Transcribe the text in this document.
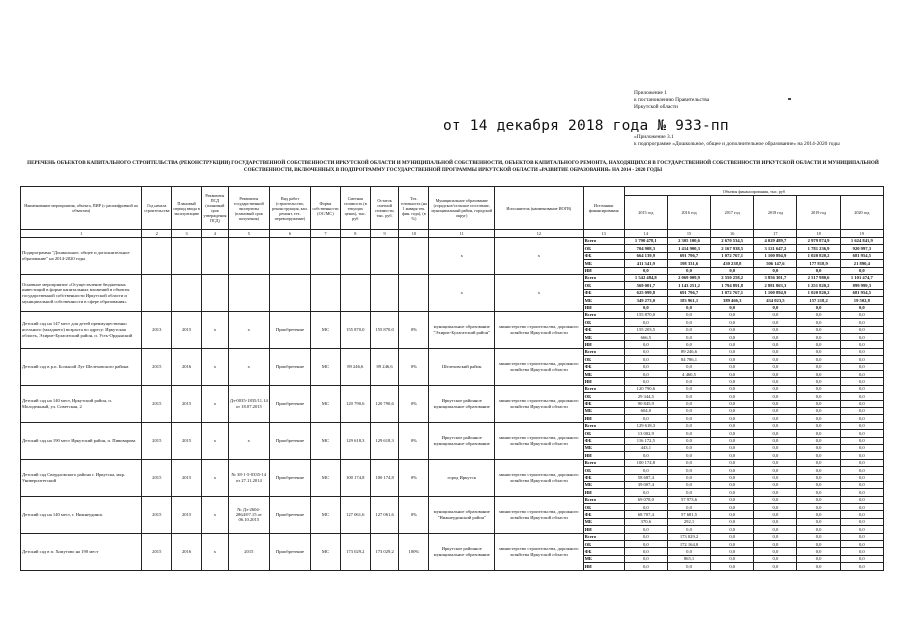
Приложение 1
к постановлению Правительства
Иркутской области
«Приложение 3.1
к подпрограмме «Дошкольное, общее и дополнительное образование» на 2014-2020 годы
от 14 декабря 2018 года № 933-пп
ПЕРЕЧЕНЬ ОБЪЕКТОВ КАПИТАЛЬНОГО СТРОИТЕЛЬСТВА (РЕКОНСТРУКЦИИ) ГОСУДАРСТВЕННОЙ СОБСТВЕННОСТИ ИРКУТСКОЙ ОБЛАСТИ И МУНИЦИПАЛЬНОЙ СОБСТВЕННОСТИ, ОБЪЕКТОВ КАПИТАЛЬНОГО РЕМОНТА, НАХОДЯЩИХСЯ В ГОСУДАРСТВЕННОЙ СОБСТВЕННОСТИ ИРКУТСКОЙ ОБЛАСТИ И МУНИЦИПАЛЬНОЙ СОБСТВЕННОСТИ, ВКЛЮЧЕННЫХ В ПОДПРОГРАММУ ГОСУДАРСТВЕННОЙ ПРОГРАММЫ ИРКУТСКОЙ ОБЛАСТИ «РАЗВИТИЕ ОБРАЗОВАНИЯ» НА 2014 - 2020 ГОДЫ
Наименование мероприятия, объекта, ПИР (с расшифровкой по объектам)	Год начала строительства	Плановый период ввода в эксплуатацию	Реквизиты ПСД (плановый срок утверждения ПСД)	Реквизиты государственной экспертизы (плановый срок получения)	Вид работ (строительство, реконструкция, кап. ремонт, тех. перевооружение)	Форма собственности (ОС/МС)	Сметная стоимость (в текущих ценах), тыс. руб	Остаток сметной стоимости, тыс. руб.	Тех. готовность (на 1 января тек. фин. года), (в %)	Муниципальное образование (городское/сельское поселение, муниципальный район, городской округ)	Исполнитель (наименование ИОГВ)	Источники финансирования	Объемы финансирования, тыс. руб					
													2015 год	2016 год	2017 год	2018 год	2019 год	2020 год
1	2	3	4	5	6	7	8	9	10	11	12	13	14	15	16	17	18	19
Подпрограмма "Дошкольное, общее и дополнительное образование" на 2014-2020 годы										х	х	Всего	1 790 478,1	2 305 100,6	2 670 534,5	4 029 489,7	2 979 874,9	1 624 841,9
												ОБ	704 908,3	1 414 900,3	2 167 938,5	3 121 647,2	1 781 236,9	920 997,3
												ФБ	664 139,9	691 796,7	1 072 767,1	1 100 894,9	1 020 820,2	681 954,5
												МБ	411 341,9	198 331,6	430 238,8	506 147,6	177 818,9	21 890,4
												ИИ	0,0	0,0	0,0	0,0	0,0	0,0
Основное мероприятие «Осуществление бюджетных инвестиций в форме капитальных вложений в объекты государственной собственности Иркутской области и муниципальной собственности в сфере образования»										х	х	Всего	1 542 484,8	2 069 009,9	2 550 258,2	3 856 301,7	2 517 980,6	1 101 474,7
												ОБ	569 001,7	1 143 251,2	1 794 891,8	2 881 863,3	1 251 820,2	899 999,3
												ФБ	625 099,8	691 796,7	1 072 767,1	1 100 894,9	1 020 820,2	681 954,5
												МБ	349 273,0	183 961,1	389 466,3	434 023,5	157 218,2	19 502,8
												ИИ	0,0	0,0	0,0	0,0	0,0	0,0
Детский сад на 147 мест для детей преимущественно ясельного (младшего) возраста по адресу: Иркутская область, Эхирит-Булагатский район, п. Усть-Ордынский	2013	2015	х	х	Приобретение	МС	155 870,0	155 870,0	0%	муниципальное образование "Эхирит-Булагатский район"	министерство строительства, дорожного хозяйства Иркутской области	Всего	155 870,0	0,0	0,0	0,0	0,0	0,0
												ОБ	0,0	0,0	0,0	0,0	0,0	0,0
												ФБ	155 203,5	0,0	0,0	0,0	0,0	0,0
												МБ	666,5	0,0	0,0	0,0	0,0	0,0
												ИИ	0,0	0,0	0,0	0,0	0,0	0,0
Детский сад в р.п. Большой Луг Шелеховского района	2015	2016	х	х	Приобретение	МС	89 246,6	89 246,6	0%	Шелеховский район	министерство строительства, дорожного хозяйства Иркутской области	Всего	0,0	89 246,6	0,0	0,0	0,0	0,0
												ОБ	0,0	84 786,1	0,0	0,0	0,0	0,0
												ФБ	0,0	0,0	0,0	0,0	0,0	0,0
												МБ	0,0	4 460,5	0,0	0,0	0,0	0,0
												ИИ	0,0	0,0	0,0	0,0	0,0	0,0
Детский сад на 140 мест, Иркутский район, п. Молодежный, ул. Советская, 2	2015	2015	х	Дз-0035-1835/11.14 от 18.07.2015	Приобретение	МС	120 790,6	120 790,6	0%	Иркутское районное муниципальное образование	министерство строительства, дорожного хозяйства Иркутской области	Всего	120 790,6	0,0	0,0	0,0	0,0	0,0
												ОБ	29 344,5	0,0	0,0	0,0	0,0	0,0
												ФБ	90 845,9	0,0	0,0	0,0	0,0	0,0
												МБ	604,0	0,0	0,0	0,0	0,0	0,0
												ИИ	0,0	0,0	0,0	0,0	0,0	0,0
Детский сад на 190 мест Иркутский район, п. Пивоварова	2015	2015	х	х	Приобретение	МС	129 618,3	129 618,3	0%	Иркутское районное муниципальное образование	министерство строительства, дорожного хозяйства Иркутской области	Всего	129 618,3	0,0	0,0	0,0	0,0	0,0
												ОБ	13 002,9	0,0	0,0	0,0	0,0	0,0
												ФБ	116 172,5	0,0	0,0	0,0	0,0	0,0
												МБ	443,1	0,0	0,0	0,0	0,0	0,0
												ИИ	0,0	0,0	0,0	0,0	0,0	0,0
Детский сад Свердловского района г. Иркутска, мкр. Университетский	2015	2015	х	№ 38-1-5-0335-14 от 27.11.2014	Приобретение	МС	100 174,8	100 174,8	0%	город Иркутск	министерство строительства, дорожного хозяйства Иркутской области	Всего	100 174,8	0,0	0,0	0,0	0,0	0,0
												ОБ	0,0	0,0	0,0	0,0	0,0	0,0
												ФБ	58 687,4	0,0	0,0	0,0	0,0	0,0
												МБ	39 007,4	0,0	0,0	0,0	0,0	0,0
												ИИ	0,0	0,0	0,0	0,0	0,0	0,0
Детский сад на 140 мест, г. Нижнеудинск	2015	2015	х	№ Дз-2604-2864/07.15 от 06.10.2015	Приобретение	МС	127 061,6	127 061,6	0%	муниципальное образование "Нижнеудинский район"	министерство строительства, дорожного хозяйства Иркутской области	Всего	69 078,0	57 973,6	0,0	0,0	0,0	0,0
												ОБ	0,0	0,0	0,0	0,0	0,0	0,0
												ФБ	68 707,4	57 681,5	0,0	0,0	0,0	0,0
												МБ	370,6	292,1	0,0	0,0	0,0	0,0
												ИИ	0,0	0,0	0,0	0,0	0,0	0,0
Детский сад в п. Хомутово на 190 мест	2015	2016	х	2015	Приобретение	МС	173 029,2	173 029,2	100%	Иркутское районное муниципальное образование	министерство строительства, дорожного хозяйства Иркутской области	Всего	0,0	173 029,2	0,0	0,0	0,0	0,0
												ОБ	0,0	172 164,0	0,0	0,0	0,0	0,0
												ФБ	0,0	0,0	0,0	0,0	0,0	0,0
												МБ	0,0	865,1	0,0	0,0	0,0	0,0
												ИИ	0,0	0,0	0,0	0,0	0,0	0,0
